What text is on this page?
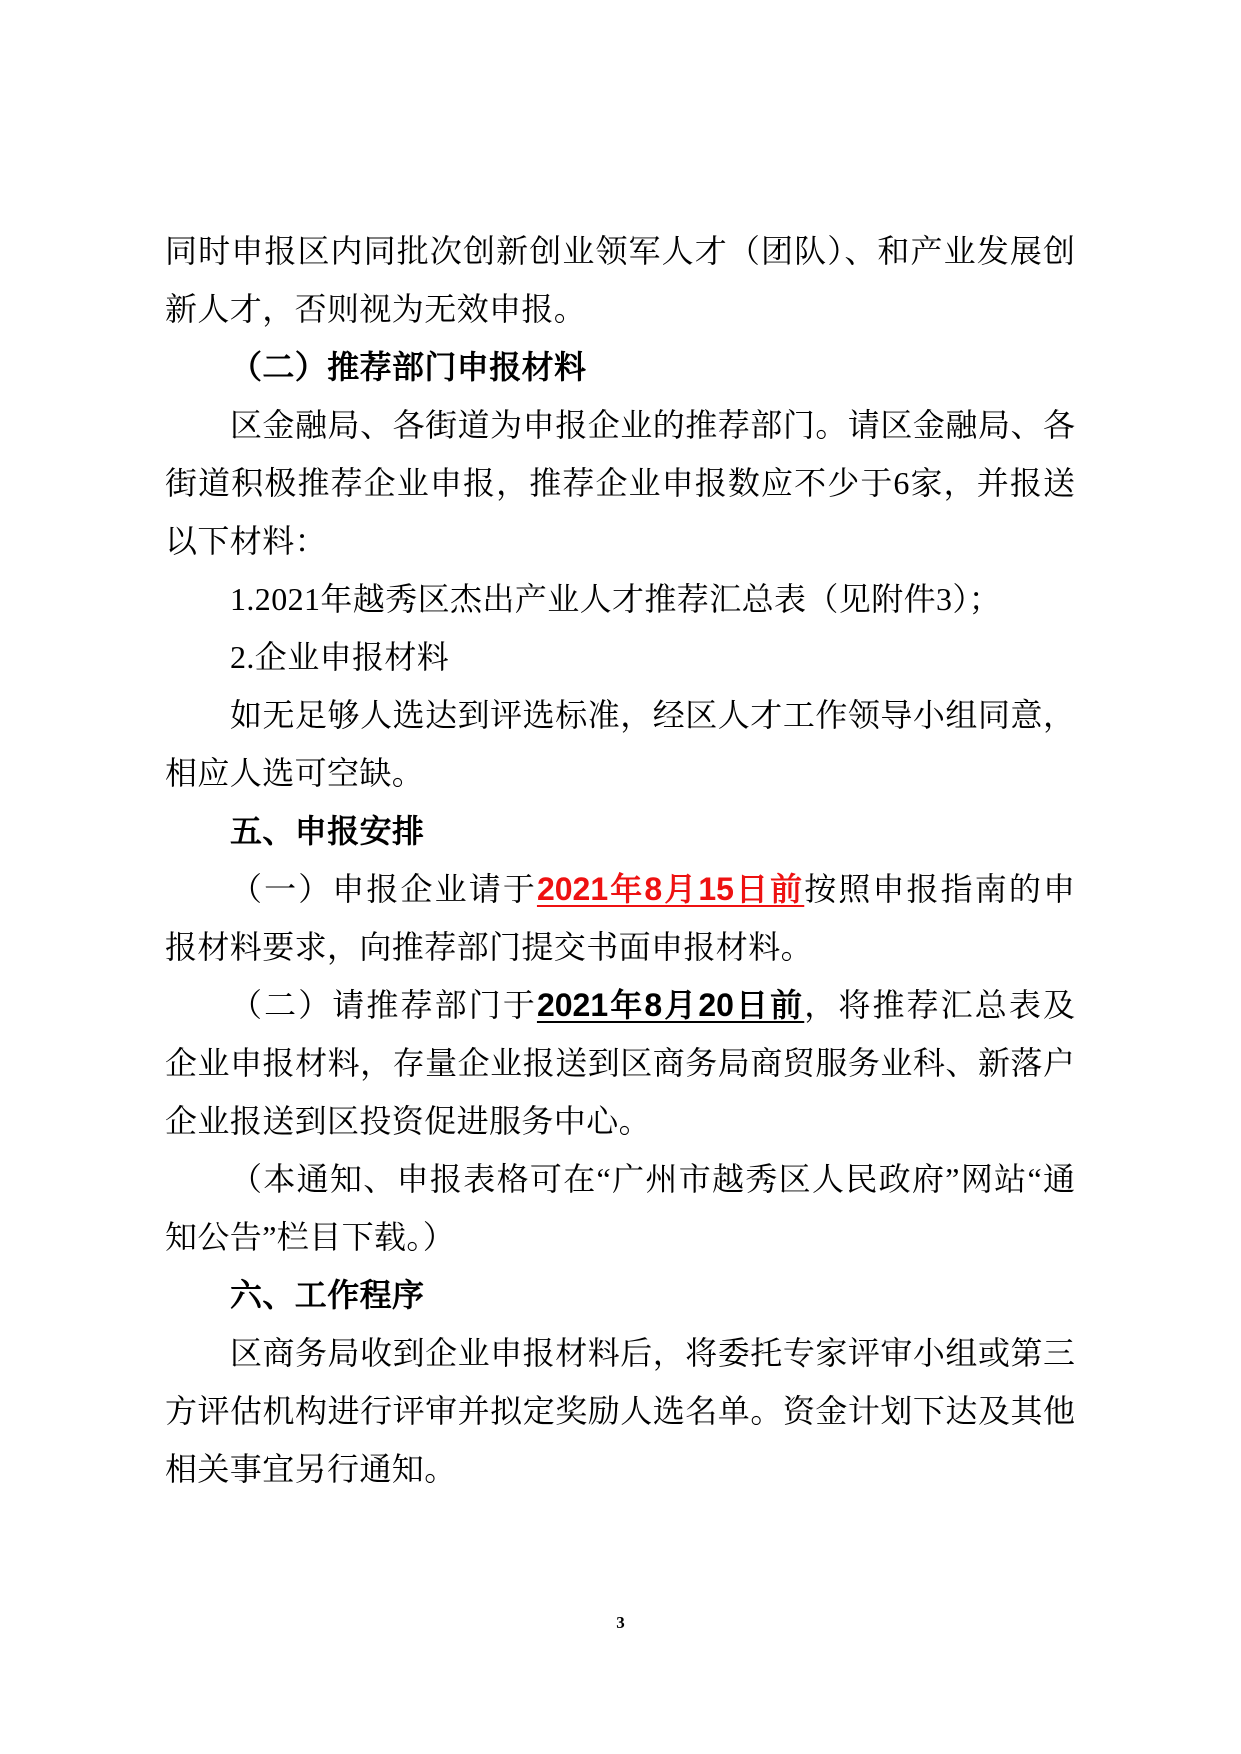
同时申报区内同批次创新创业领军人才（团队）、和产业发展创
新人才，否则视为无效申报。
（二）推荐部门申报材料
区金融局、各街道为申报企业的推荐部门。请区金融局、各
街道积极推荐企业申报，推荐企业申报数应不少于6家，并报送
以下材料：
1.2021年越秀区杰出产业人才推荐汇总表（见附件3）；
2.企业申报材料
如无足够人选达到评选标准，经区人才工作领导小组同意，
相应人选可空缺。
五、申报安排
（一）申报企业请于2021年8月15日前按照申报指南的申
报材料要求，向推荐部门提交书面申报材料。
（二）请推荐部门于2021年8月20日前，将推荐汇总表及
企业申报材料，存量企业报送到区商务局商贸服务业科、新落户
企业报送到区投资促进服务中心。
（本通知、申报表格可在“广州市越秀区人民政府”网站“通
知公告”栏目下载。）
六、工作程序
区商务局收到企业申报材料后，将委托专家评审小组或第三
方评估机构进行评审并拟定奖励人选名单。资金计划下达及其他
相关事宜另行通知。
3
